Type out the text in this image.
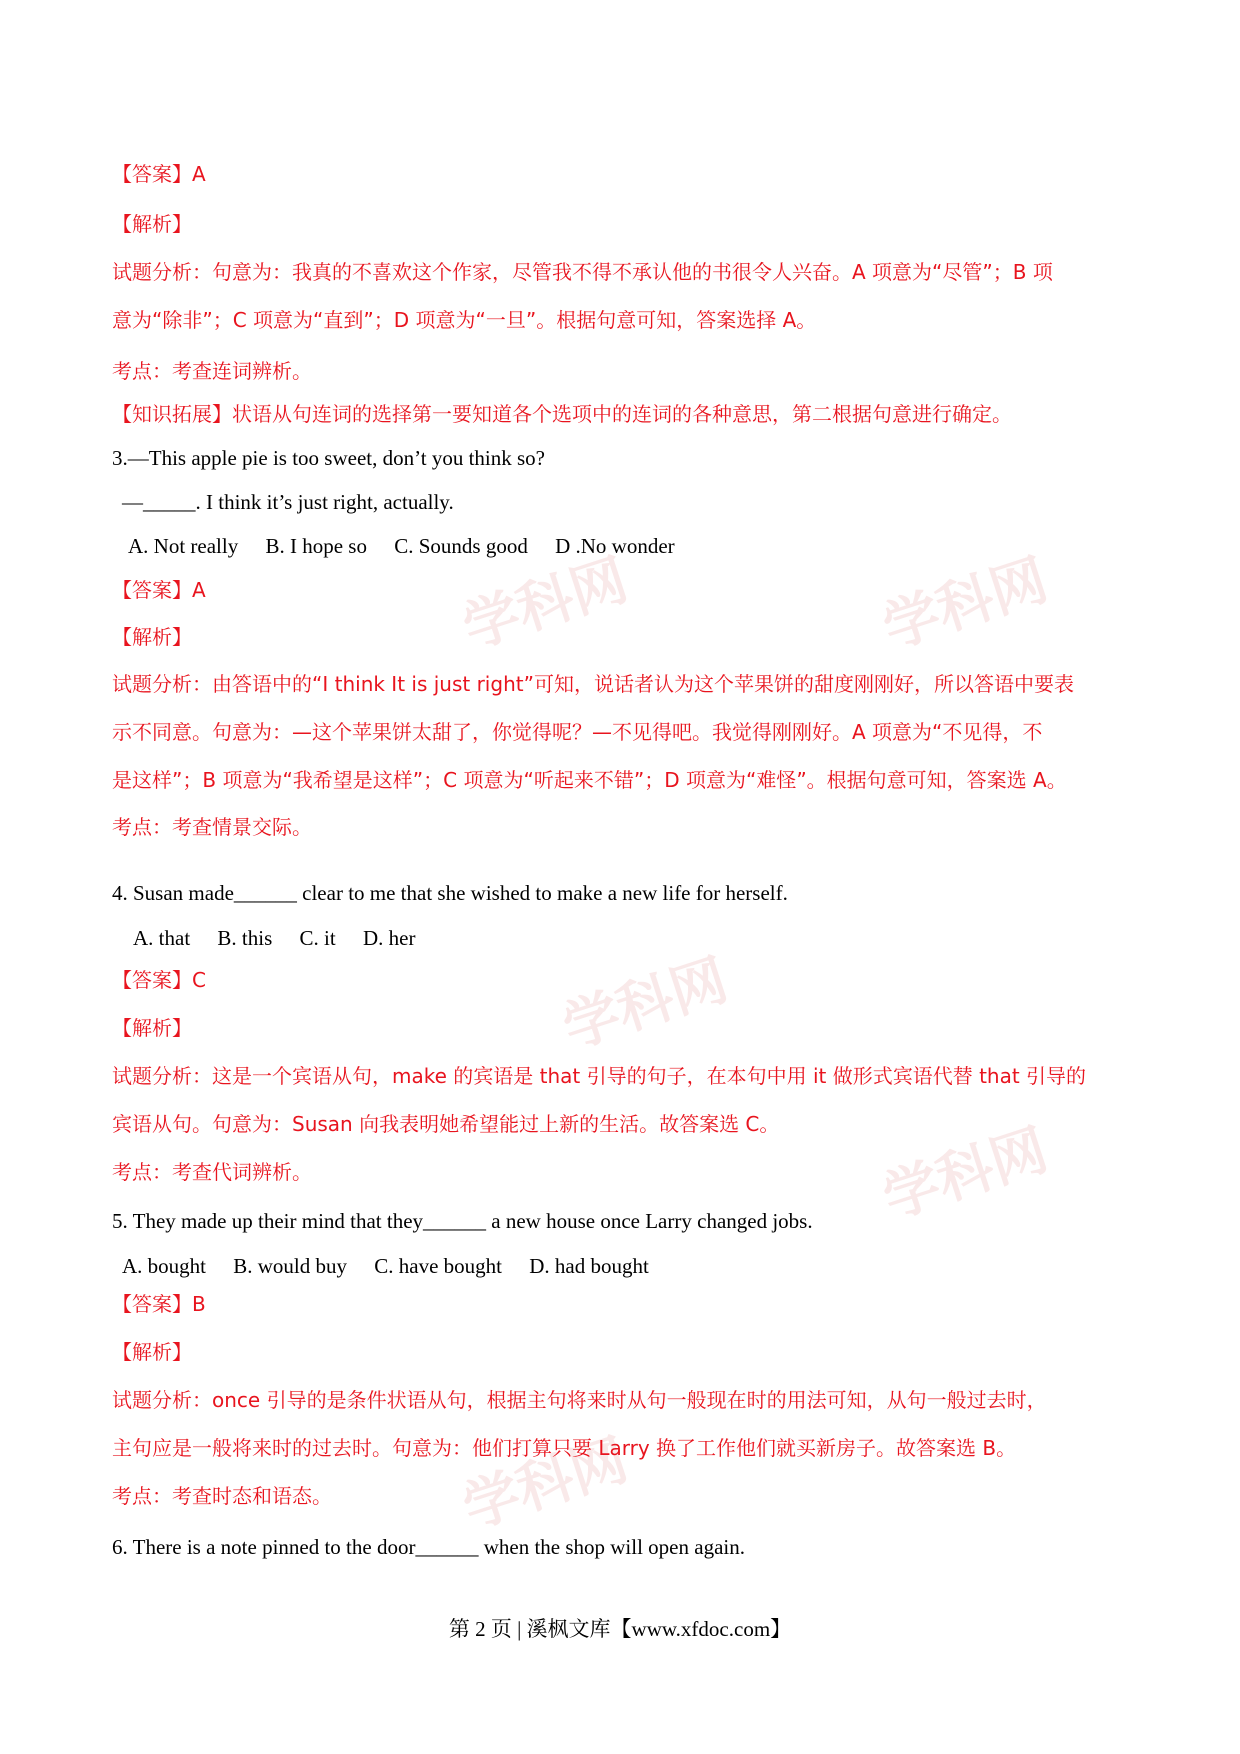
学科网	学科网
学科网
学科网
学科网
【答案】A
【解析】
试题分析：句意为：我真的不喜欢这个作家，尽管我不得不承认他的书很令人兴奋。A 项意为“尽管”；B 项
意为“除非”；C 项意为“直到”；D 项意为“一旦”。根据句意可知，答案选择 A。
考点：考查连词辨析。
【知识拓展】状语从句连词的选择第一要知道各个选项中的连词的各种意思，第二根据句意进行确定。
3.—This apple pie is too sweet, don’t you think so?
—_____. I think it’s just right, actually.
A. Not really B. I hope so C. Sounds good D .No wonder
【答案】A
【解析】
试题分析：由答语中的“I think It is just right”可知，说话者认为这个苹果饼的甜度刚刚好，所以答语中要表
示不同意。句意为：—这个苹果饼太甜了，你觉得呢？—不见得吧。我觉得刚刚好。A 项意为“不见得，不
是这样”；B 项意为“我希望是这样”；C 项意为“听起来不错”；D 项意为“难怪”。根据句意可知，答案选 A。
考点：考查情景交际。
4. Susan made______ clear to me that she wished to make a new life for herself.
A. that B. this C. it D. her
【答案】C
【解析】
试题分析：这是一个宾语从句，make 的宾语是 that 引导的句子，在本句中用 it 做形式宾语代替 that 引导的
宾语从句。句意为：Susan 向我表明她希望能过上新的生活。故答案选 C。
考点：考查代词辨析。
5. They made up their mind that they______ a new house once Larry changed jobs.
A. bought B. would buy C. have bought D. had bought
【答案】B
【解析】
试题分析：once 引导的是条件状语从句，根据主句将来时从句一般现在时的用法可知，从句一般过去时，
主句应是一般将来时的过去时。句意为：他们打算只要 Larry 换了工作他们就买新房子。故答案选 B。
考点：考查时态和语态。
6. There is a note pinned to the door______ when the shop will open again.
第 2 页 | 溪枫文库【www.xfdoc.com】
